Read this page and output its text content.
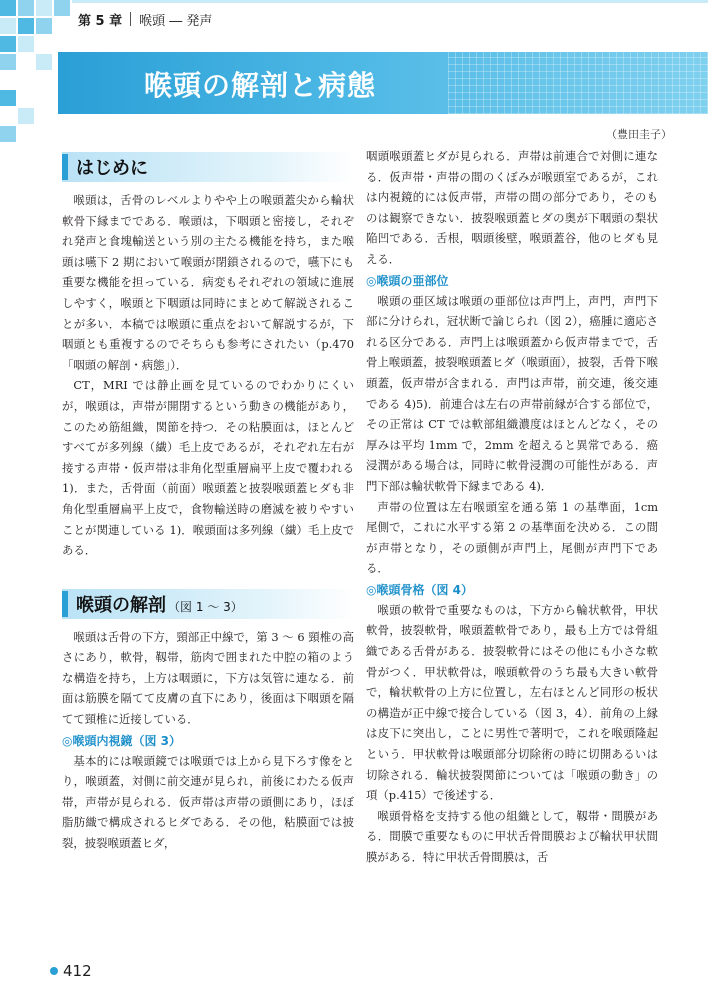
第 5 章 喉頭 ― 発声
喉頭の解剖と病態
（豊田圭子）
はじめに

喉頭は，舌骨のレベルよりやや上の喉頭蓋尖から輪状軟骨下縁までである．喉頭は，下咽頭と密接し，それぞれ発声と食塊輸送という別の主たる機能を持ち，また喉頭は嚥下 2 期において喉頭が閉鎖されるので，嚥下にも重要な機能を担っている．病変もそれぞれの領域に進展しやすく，喉頭と下咽頭は同時にまとめて解説されることが多い．本稿では喉頭に重点をおいて解説するが，下咽頭とも重複するのでそちらも参考にされたい（p.470「咽頭の解剖・病態」）．

CT，MRI では静止画を見ているのでわかりにくいが，喉頭は，声帯が開閉するという動きの機能があり，このため筋組織，関節を持つ．その粘膜面は，ほとんどすべてが多列線（繊）毛上皮であるが，それぞれ左右が接する声帯・仮声帯は非角化型重層扁平上皮で覆われる 1)．また，舌骨面（前面）喉頭蓋と披裂喉頭蓋ヒダも非角化型重層扁平上皮で，食物輸送時の磨滅を被りやすいことが関連している 1)．喉頭面は多列線（繊）毛上皮である．

喉頭の解剖 （図 1 ～ 3）

喉頭は舌骨の下方，頸部正中線で，第 3 ～ 6 頸椎の高さにあり，軟骨，靱帯，筋肉で囲まれた中腔の箱のような構造を持ち，上方は咽頭に，下方は気管に連なる．前面は筋膜を隔てて皮膚の直下にあり，後面は下咽頭を隔てて頸椎に近接している．

◎喉頭内視鏡（図 3）

基本的には喉頭鏡では喉頭では上から見下ろす像をとり，喉頭蓋，対側に前交連が見られ，前後にわたる仮声帯，声帯が見られる．仮声帯は声帯の頭側にあり，ほぼ脂肪織で構成されるヒダである．その他，粘膜面では披裂，披裂喉頭蓋ヒダ，

咽頭喉頭蓋ヒダが見られる．声帯は前連合で対側に連なる．仮声帯・声帯の間のくぼみが喉頭室であるが，これは内視鏡的には仮声帯，声帯の間の部分であり，そのものは観察できない．披裂喉頭蓋ヒダの奥が下咽頭の梨状陥凹である．舌根，咽頭後壁，喉頭蓋谷，他のヒダも見える．

◎喉頭の亜部位

喉頭の亜区域は喉頭の亜部位は声門上，声門，声門下部に分けられ，冠状断で論じられ（図 2），癌腫に適応される区分である．声門上は喉頭蓋から仮声帯までで，舌骨上喉頭蓋，披裂喉頭蓋ヒダ（喉頭面），披裂，舌骨下喉頭蓋，仮声帯が含まれる．声門は声帯，前交連，後交連である 4)5)．前連合は左右の声帯前縁が合する部位で，その正常は CT では軟部組織濃度はほとんどなく，その厚みは平均 1mm で，2mm を超えると異常である．癌浸潤がある場合は，同時に軟骨浸潤の可能性がある．声門下部は輪状軟骨下縁まである 4)．

声帯の位置は左右喉頭室を通る第 1 の基準面，1cm 尾側で，これに水平する第 2 の基準面を決める．この間が声帯となり，その頭側が声門上，尾側が声門下である．

◎喉頭骨格（図 4）

喉頭の軟骨で重要なものは，下方から輪状軟骨，甲状軟骨，披裂軟骨，喉頭蓋軟骨であり，最も上方では骨組織である舌骨がある．披裂軟骨にはその他にも小さな軟骨がつく．甲状軟骨は，喉頭軟骨のうち最も大きい軟骨で，輪状軟骨の上方に位置し，左右ほとんど同形の板状の構造が正中線で接合している（図 3，4）．前角の上縁は皮下に突出し，ことに男性で著明で，これを喉頭隆起という．甲状軟骨は喉頭部分切除術の時に切開あるいは切除される．輪状披裂関節については「喉頭の動き」の項（p.415）で後述する．

喉頭骨格を支持する他の組織として，靱帯・間膜がある．間膜で重要なものに甲状舌骨間膜および輪状甲状間膜がある．特に甲状舌骨間膜は，舌

412
